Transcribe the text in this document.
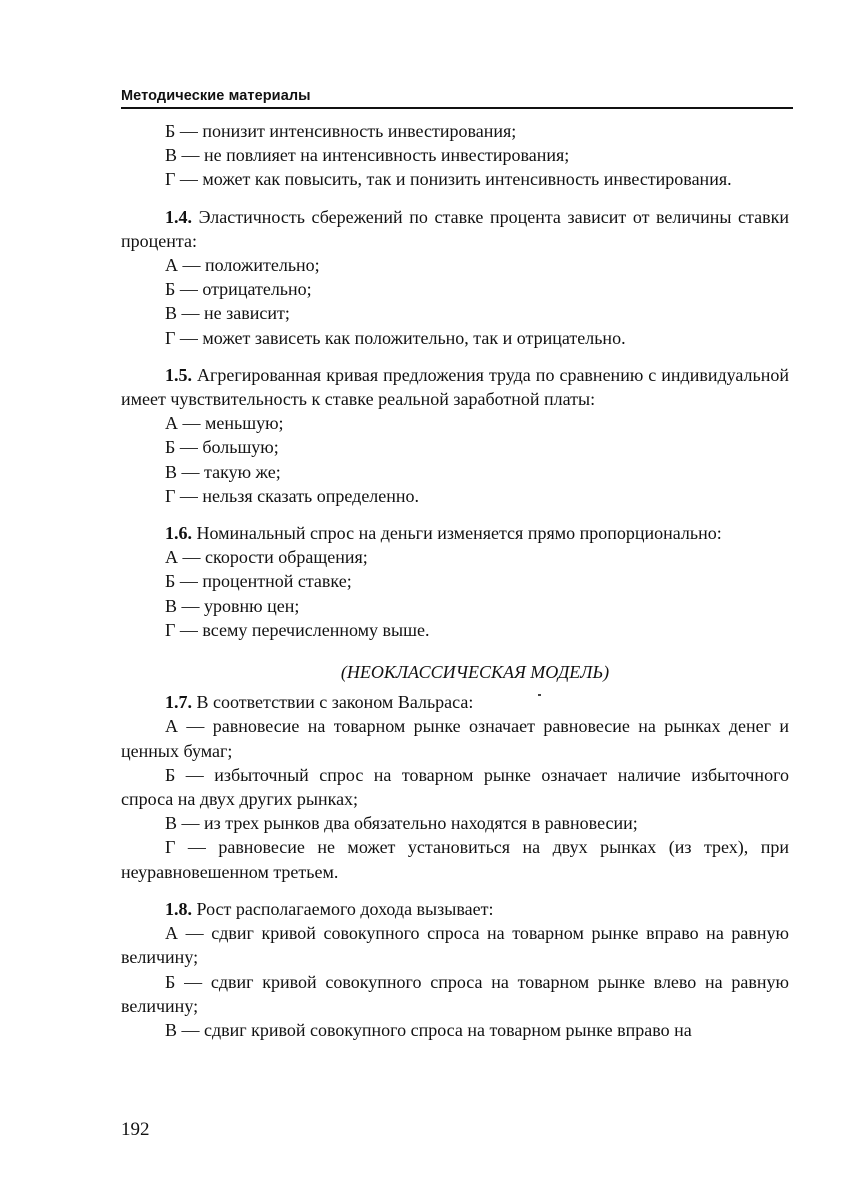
Методические материалы

Б — понизит интенсивность инвестирования;

В — не повлияет на интенсивность инвестирования;

Г — может как повысить, так и понизить интенсивность инвестирования.

1.4. Эластичность сбережений по ставке процента зависит от величины ставки процента:

А — положительно;

Б — отрицательно;

В — не зависит;

Г — может зависеть как положительно, так и отрицательно.

1.5. Агрегированная кривая предложения труда по сравнению с индивидуальной имеет чувствительность к ставке реальной заработной платы:

А — меньшую;

Б — большую;

В — такую же;

Г — нельзя сказать определенно.

1.6. Номинальный спрос на деньги изменяется прямо пропорционально:

А — скорости обращения;

Б — процентной ставке;

В — уровню цен;

Г — всему перечисленному выше.

(НЕОКЛАССИЧЕСКАЯ МОДЕЛЬ)

1.7. В соответствии с законом Вальраса:

А — равновесие на товарном рынке означает равновесие на рынках денег и ценных бумаг;

Б — избыточный спрос на товарном рынке означает наличие избыточного спроса на двух других рынках;

В — из трех рынков два обязательно находятся в равновесии;

Г — равновесие не может установиться на двух рынках (из трех), при неуравновешенном третьем.

1.8. Рост располагаемого дохода вызывает:

А — сдвиг кривой совокупного спроса на товарном рынке вправо на равную величину;

Б — сдвиг кривой совокупного спроса на товарном рынке влево на равную величину;

В — сдвиг кривой совокупного спроса на товарном рынке вправо на

192
